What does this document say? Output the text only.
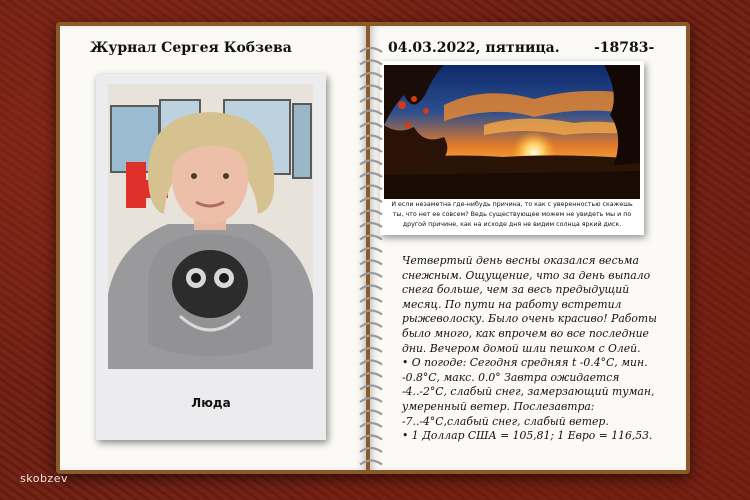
Журнал Сергея Кобзева
Люда
04.03.2022, пятница. -18783-
И если незаметна где-нибудь причина, то как с уверенностью скажешь
ты, что нет ее совсем? Ведь существующее можем не увидеть мы и по
другой причине, как на исходе дня не видим солнца яркий диск.
Четвертый день весны оказался весьма
снежным. Ощущение, что за день выпало
снега больше, чем за весь предыдущий
месяц. По пути на работу встретил
рыжеволоску. Было очень красиво! Работы
было много, как впрочем во все последние
дни. Вечером домой шли пешком с Олей.
• О погоде: Сегодня средняя t -0.4°С, мин.
-0.8°С, макс. 0.0° Завтра ожидается
-4..-2°С, слабый снег, замерзающий туман,
умеренный ветер. Послезавтра:
-7..-4°С,слабый снег, слабый ветер.
• 1 Доллар США = 105,81; 1 Евро = 116,53.
skobzev
